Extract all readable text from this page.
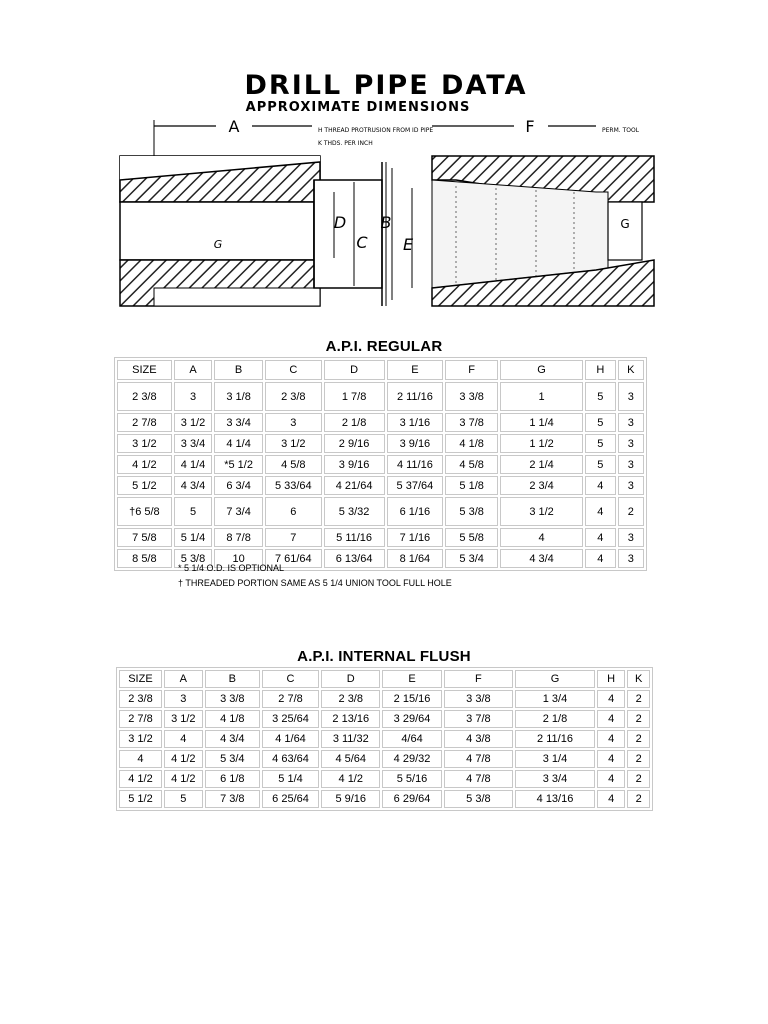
DRILL PIPE DATA
APPROXIMATE DIMENSIONS
A	H THREAD PROTRUSION FROM ID PIPE
K THDS. PER INCH
F	PERM. TOOL
D
C
B
E
G
G
A.P.I. REGULAR
SIZE	A	B	C	D	E	F	G	H	K
2 3/8	3	3 1/8	2 3/8	1 7/8	2 11/16	3 3/8	1	5	3
2 7/8	3 1/2	3 3/4	3	2 1/8	3 1/16	3 7/8	1 1/4	5	3
3 1/2	3 3/4	4 1/4	3 1/2	2 9/16	3 9/16	4 1/8	1 1/2	5	3
4 1/2	4 1/4	*5 1/2	4 5/8	3 9/16	4 11/16	4 5/8	2 1/4	5	3
5 1/2	4 3/4	6 3/4	5 33/64	4 21/64	5 37/64	5 1/8	2 3/4	4	3
†6 5/8	5	7 3/4	6	5 3/32	6 1/16	5 3/8	3 1/2	4	2
7 5/8	5 1/4	8 7/8	7	5 11/16	7 1/16	5 5/8	4	4	3
8 5/8	5 3/8	10	7 61/64	6 13/64	8 1/64	5 3/4	4 3/4	4	3
* 5 1/4 O.D. IS OPTIONAL
† THREADED PORTION SAME AS 5 1/4 UNION TOOL FULL HOLE
A.P.I. INTERNAL FLUSH
SIZE	A	B	C	D	E	F	G	H	K
2 3/8	3	3 3/8	2 7/8	2 3/8	2 15/16	3 3/8	1 3/4	4	2
2 7/8	3 1/2	4 1/8	3 25/64	2 13/16	3 29/64	3 7/8	2 1/8	4	2
3 1/2	4	4 3/4	4 1/64	3 11/32	4/64	4 3/8	2 11/16	4	2
4	4 1/2	5 3/4	4 63/64	4 5/64	4 29/32	4 7/8	3 1/4	4	2
4 1/2	4 1/2	6 1/8	5 1/4	4 1/2	5 5/16	4 7/8	3 3/4	4	2
5 1/2	5	7 3/8	6 25/64	5 9/16	6 29/64	5 3/8	4 13/16	4	2
